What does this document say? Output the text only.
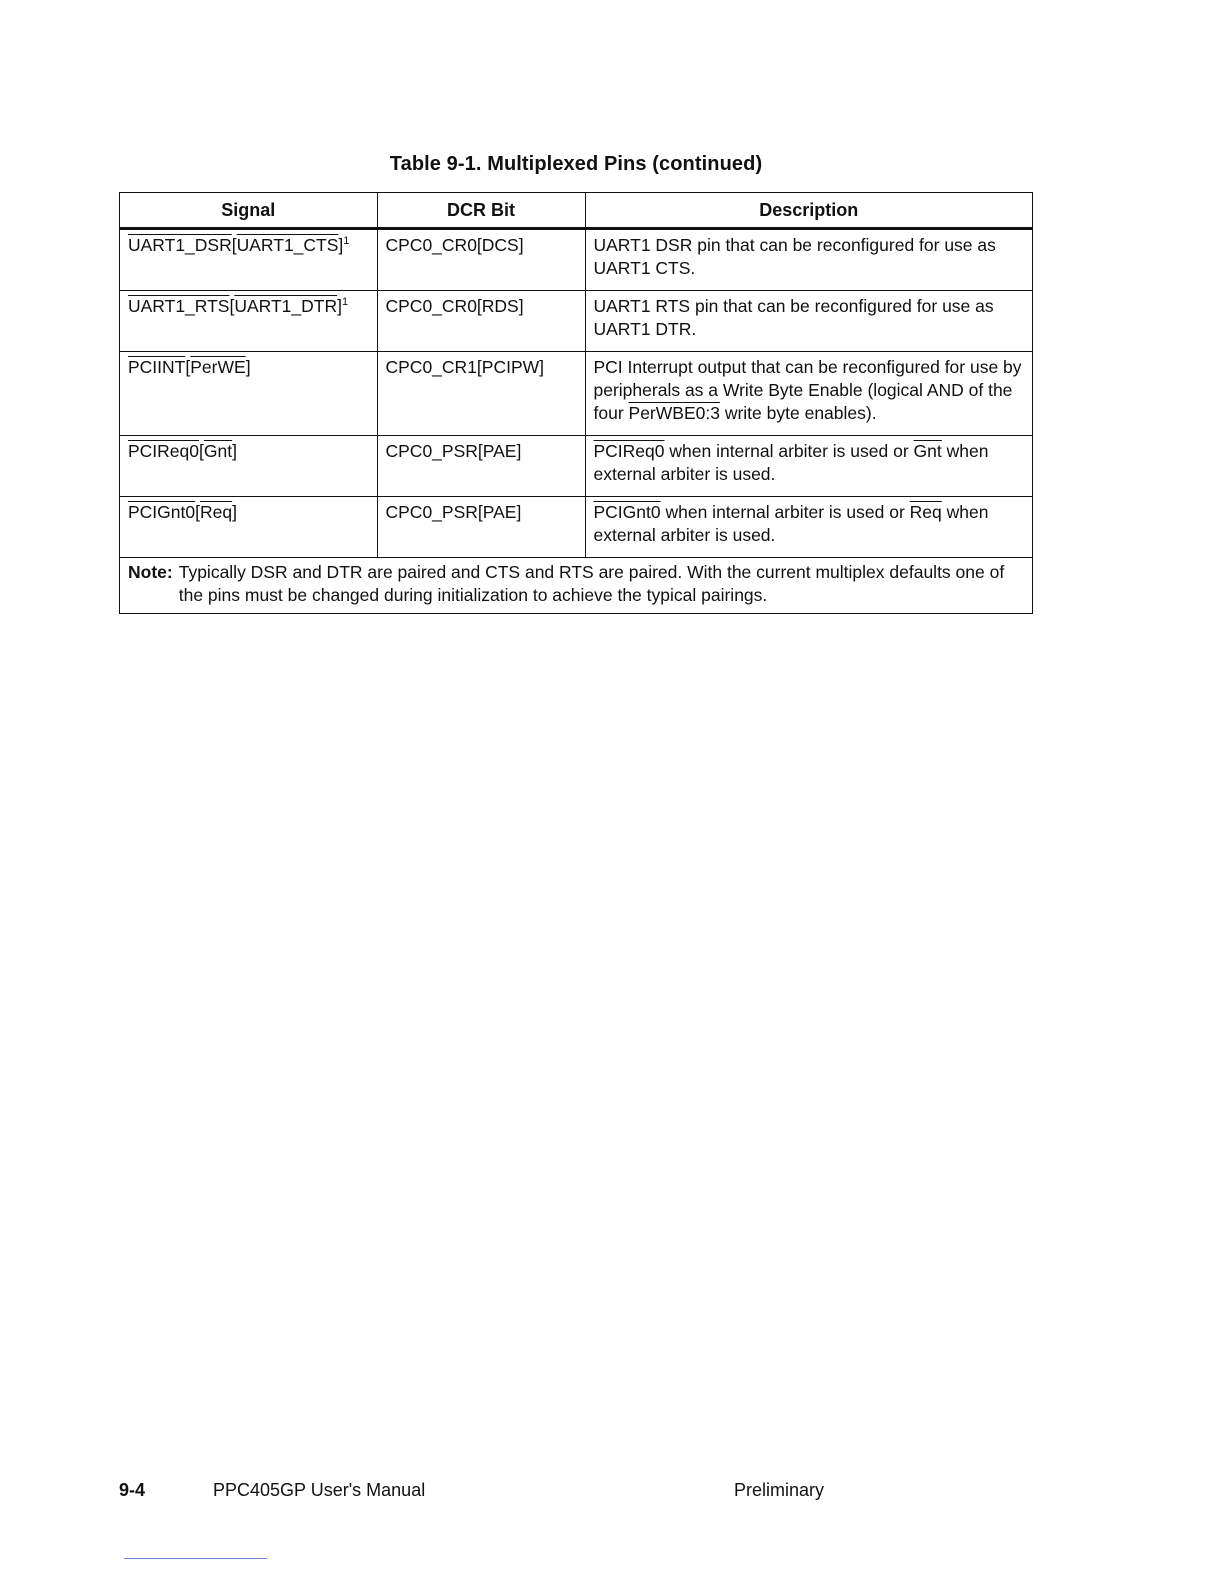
Table 9-1. Multiplexed Pins (continued)
Signal	DCR Bit	Description
UART1_DSR[UART1_CTS]$^1$	CPC0_CR0[DCS]	UART1 DSR pin that can be reconfigured for use as UART1 CTS.
UART1_RTS[UART1_DTR]$^1$	CPC0_CR0[RDS]	UART1 RTS pin that can be reconfigured for use as UART1 DTR.
PCIINT[PerWE]	CPC0_CR1[PCIPW]	PCI Interrupt output that can be reconfigured for use by peripherals as a Write Byte Enable (logical AND of the four PerWBE0:3 write byte enables).
$PCIReq0[\overline{Gnt}]$	CPC0_PSR[PAE]	PCIReq0 when internal arbiter is used or $\overline{Gnt}$ when external arbiter is used.
$PCIGnt0[\overline{Req}]$	CPC0_PSR[PAE]	PCIGnt0 when internal arbiter is used or $\overline{Req}$ when external arbiter is used.

Note: Typically DSR and DTR are paired and CTS and RTS are paired. With the current multiplex defaults one of the pins must be changed during initialization to achieve the typical pairings.		
9-4	PPC405GP User's Manual	Preliminary
